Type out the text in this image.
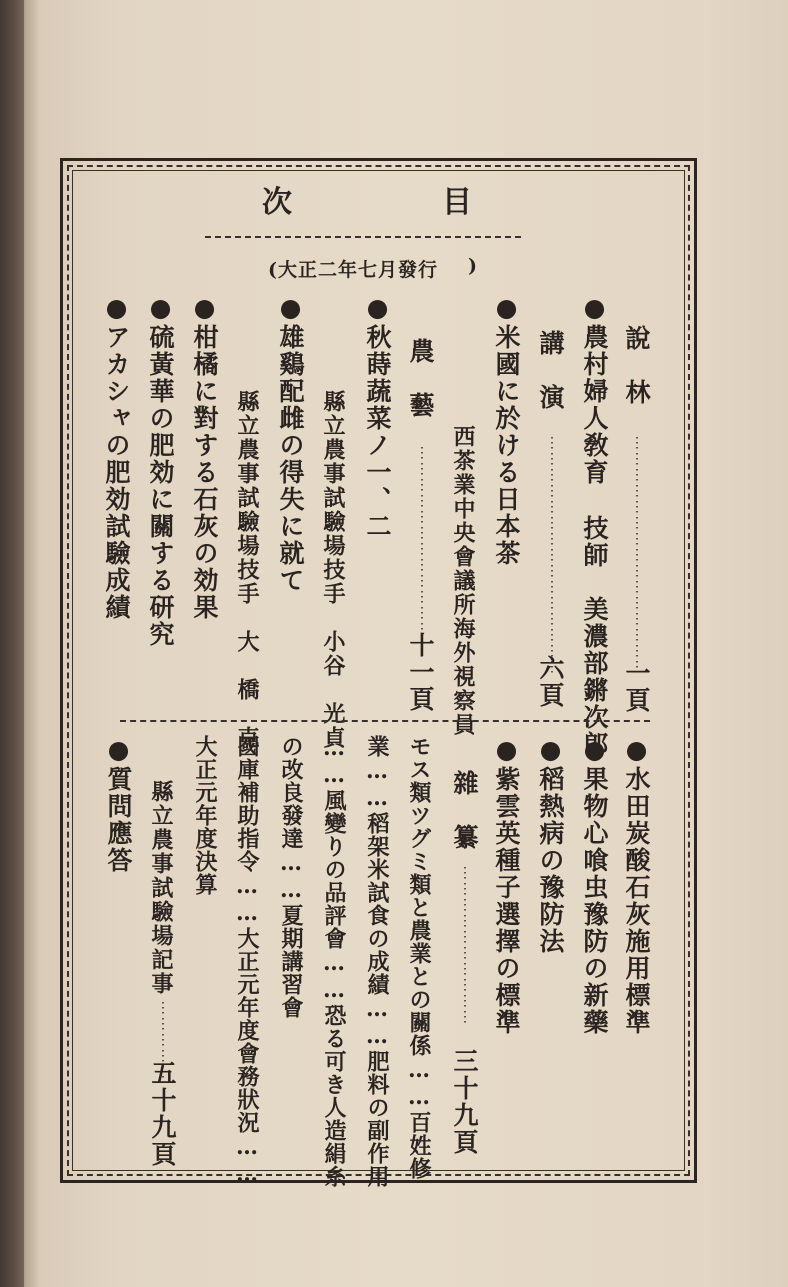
次	目
(大正二年七月發行 )
說　林
⋮⋮⋮⋮⋮⋮⋮⋮⋮⋮⋮⋮⋮⋮⋮
一頁
●農村婦人敎育
技師　美濃部鏘次郎
講　演
⋮⋮⋮⋮⋮⋮⋮⋮⋮⋮⋮⋮⋮⋮⋮
六頁
●米國に於ける日本茶
西茶業中央會議所海外視察員
農　藝
⋮⋮⋮⋮⋮⋮⋮⋮⋮⋮⋮⋮
十一頁
●秋蒔蔬菜ノ一、二
縣立農事試驗場技手　小谷　光貞
●雄鷄配雌の得失に就て
縣立農事試驗場技手　大　橋　克
●柑橘に對する石灰の効果
●硫黃華の肥効に關する研究
●アカシャの肥効試驗成績
●水田炭酸石灰施用標準
●果物心喰虫豫防の新藥
●稻熱病の豫防法
●紫雲英種子選擇の標準
雜　纂
⋮⋮⋮⋮⋮⋮⋮⋮⋮⋮
三十九頁
モス類ツグミ類と農業との關係……百姓修
業……稻架米試食の成績……肥料の副作用
……風變りの品評會……恐る可き人造絹糸
の改良發達……夏期講習會
國庫補助指令……大正元年度會務狀況……
大正元年度決算
縣立農事試驗場記事
⋮⋮⋮⋮⋮
五十九頁
●質問應答
